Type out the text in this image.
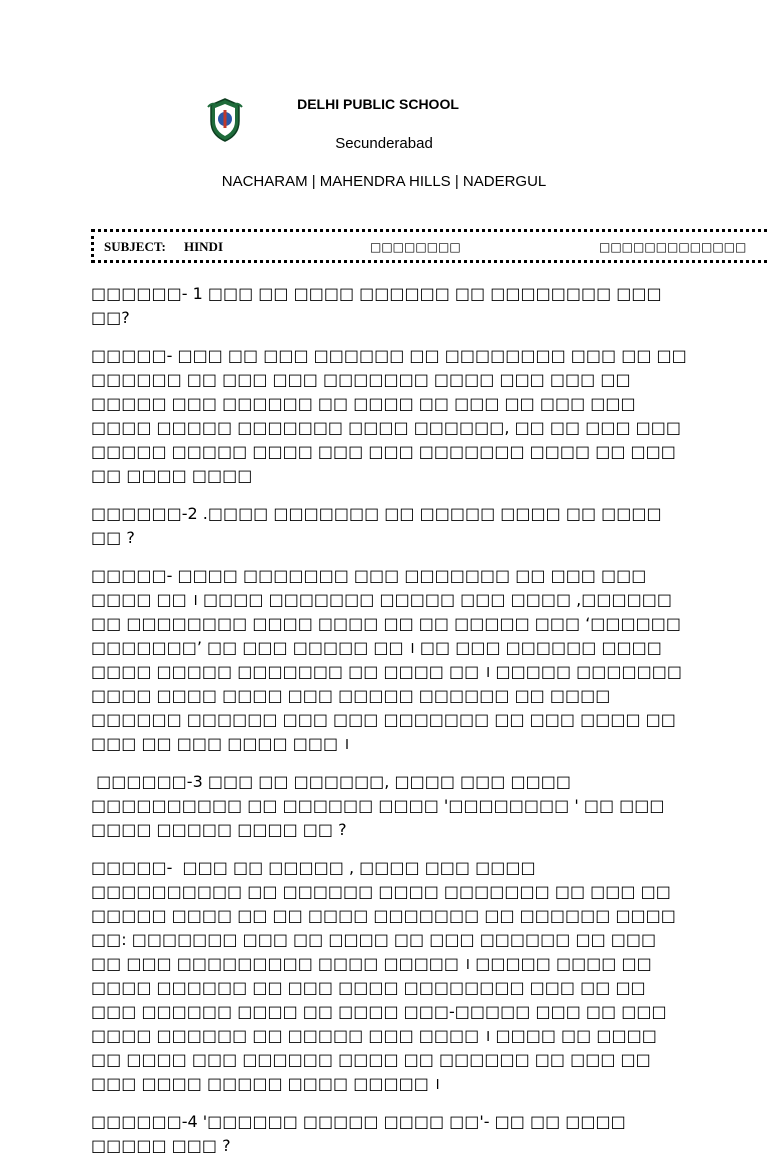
DELHI PUBLIC SCHOOL
Secunderabad
NACHARAM | MAHENDRA HILLS | NADERGUL
SUBJECT: HINDI	□□□□□□□□	□□□□□□□□□□□□□

□□□□□□- 1 □□□ □□ □□□□ □□□□□□ □□ □□□□□□□□ □□□ □□?

□□□□□- □□□ □□ □□□ □□□□□□ □□ □□□□□□□□ □□□ □□ □□ □□□□□□ □□ □□□ □□□ □□□□□□□ □□□□ □□□ □□□ □□ □□□□□ □□□ □□□□□□ □□ □□□□ □□ □□□ □□ □□□ □□□ □□□□ □□□□□ □□□□□□□ □□□□ □□□□□□, □□ □□ □□□ □□□ □□□□□ □□□□□ □□□□ □□□ □□□ □□□□□□□ □□□□ □□ □□□ □□ □□□□ □□□□

□□□□□□-2 .□□□□ □□□□□□□ □□ □□□□□ □□□□ □□ □□□□ □□ ?

□□□□□- □□□□ □□□□□□□ □□□ □□□□□□□ □□ □□□ □□□ □□□□ □□ । □□□□ □□□□□□□ □□□□□ □□□ □□□□ ,□□□□□□  □□ □□□□□□□□ □□□□ □□□□ □□ □□ □□□□□ □□□ ‘□□□□□□ □□□□□□□’ □□ □□□ □□□□□ □□ । □□ □□□ □□□□□□ □□□□ □□□□ □□□□□ □□□□□□□ □□ □□□□ □□ । □□□□□ □□□□□□□ □□□□ □□□□ □□□□ □□□ □□□□□ □□□□□□ □□ □□□□ □□□□□□ □□□□□□ □□□ □□□ □□□□□□□ □□ □□□ □□□□ □□ □□□ □□ □□□ □□□□ □□□ ।

□□□□□□-3 □□□ □□ □□□□□□, □□□□ □□□ □□□□ □□□□□□□□□□ □□ □□□□□□ □□□□ '□□□□□□□□ ' □□ □□□ □□□□ □□□□□ □□□□ □□ ?

□□□□□-  □□□ □□ □□□□□ , □□□□ □□□ □□□□ □□□□□□□□□□ □□ □□□□□□ □□□□ □□□□□□□ □□ □□□ □□ □□□□□ □□□□ □□ □□ □□□□ □□□□□□□ □□ □□□□□□ □□□□ □□: □□□□□□□ □□□ □□ □□□□ □□ □□□ □□□□□□ □□ □□□ □□ □□□ □□□□□□□□□ □□□□ □□□□□ । □□□□□ □□□□ □□ □□□□ □□□□□□ □□ □□□ □□□□ □□□□□□□□ □□□ □□ □□ □□□ □□□□□□ □□□□ □□ □□□□ □□□-□□□□□ □□□ □□ □□□ □□□□ □□□□□□ □□ □□□□□ □□□ □□□□ । □□□□ □□ □□□□ □□ □□□□ □□□ □□□□□□ □□□□ □□ □□□□□□ □□ □□□ □□ □□□ □□□□ □□□□□ □□□□ □□□□□ ।

□□□□□□-4 '□□□□□□ □□□□□ □□□□ □□'- □□ □□ □□□□ □□□□□ □□□ ?
